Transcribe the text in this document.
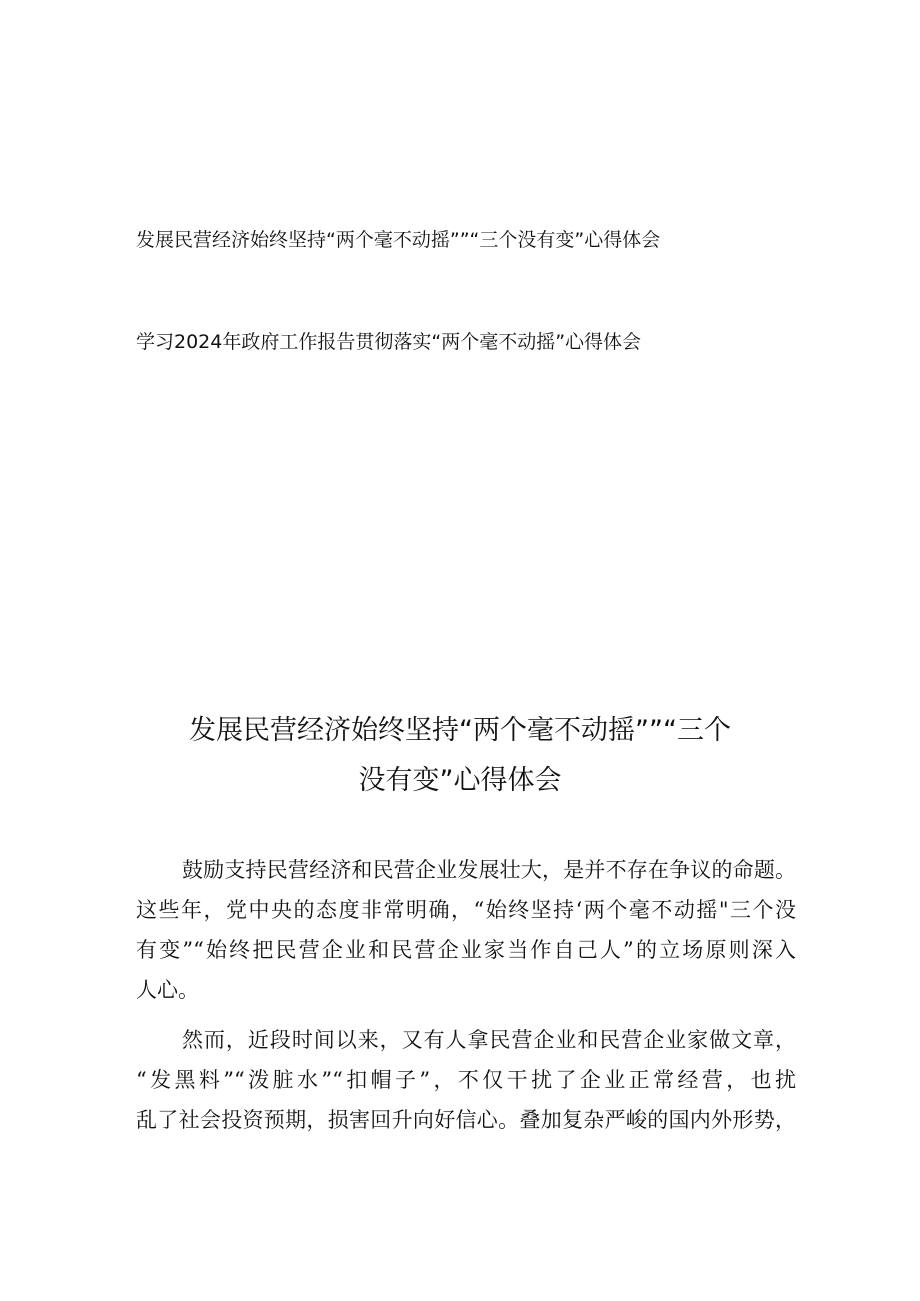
发展民营经济始终坚持“两个毫不动摇””“三个没有变”心得体会
学习2024年政府工作报告贯彻落实“两个毫不动摇”心得体会
发展民营经济始终坚持“两个毫不动摇””“三个
没有变”心得体会
鼓励支持民营经济和民营企业发展壮大，是并不存在争议的命题。
这些年，党中央的态度非常明确，“始终坚持‘两个毫不动摇"三个没
有变”“始终把民营企业和民营企业家当作自己人”的立场原则深入
人心。
然而，近段时间以来，又有人拿民营企业和民营企业家做文章，
“发黑料”“泼脏水”“扣帽子”，不仅干扰了企业正常经营，也扰
乱了社会投资预期，损害回升向好信心。叠加复杂严峻的国内外形势，
